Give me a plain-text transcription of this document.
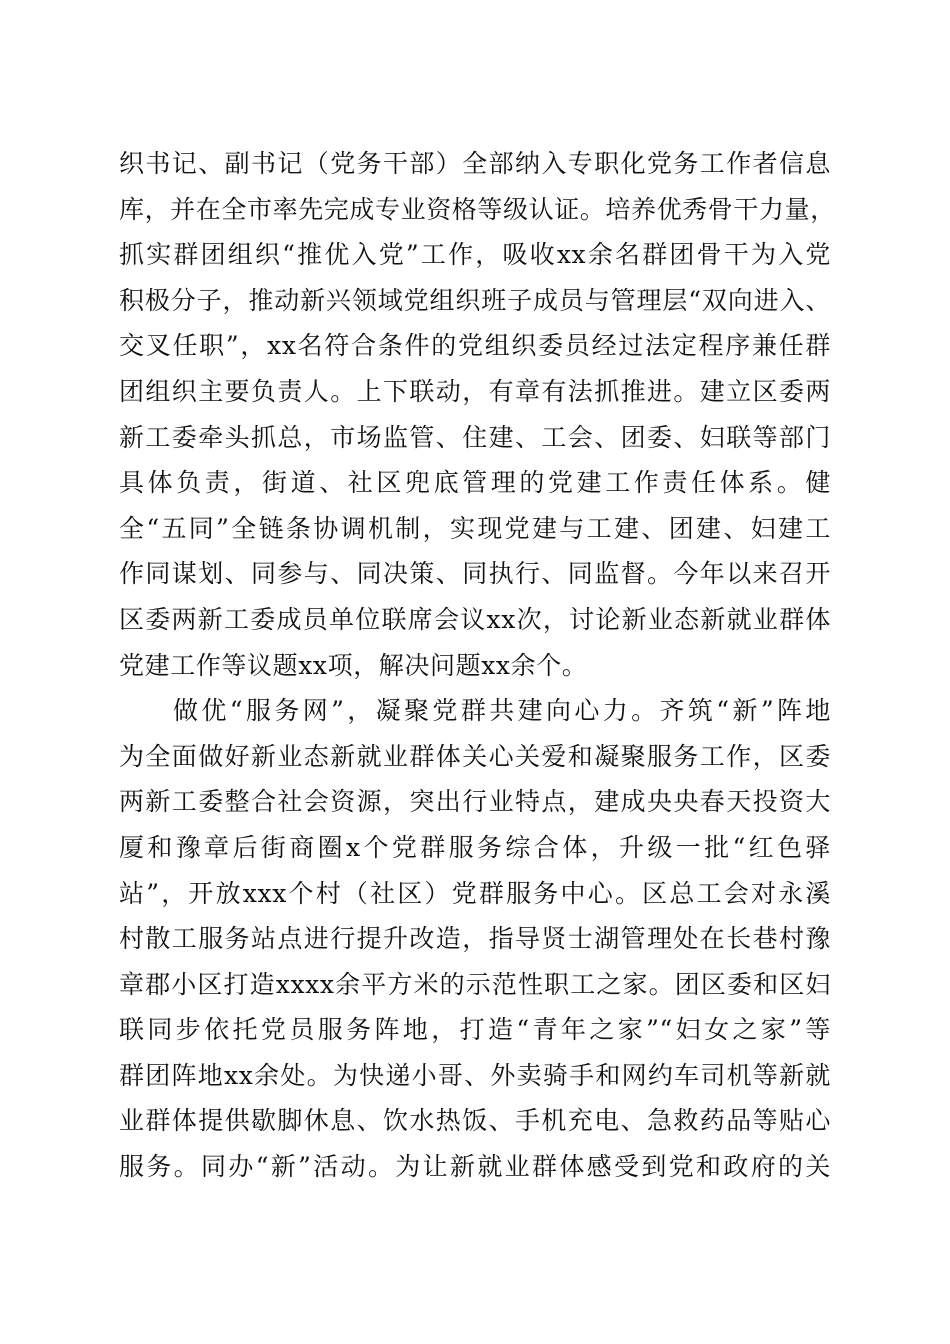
织书记、副书记（党务干部）全部纳入专职化党务工作者信息
库，并在全市率先完成专业资格等级认证。培养优秀骨干力量，
抓实群团组织“推优入党”工作，吸收xx余名群团骨干为入党
积极分子，推动新兴领域党组织班子成员与管理层“双向进入、
交叉任职”，xx名符合条件的党组织委员经过法定程序兼任群
团组织主要负责人。上下联动，有章有法抓推进。建立区委两
新工委牵头抓总，市场监管、住建、工会、团委、妇联等部门
具体负责，街道、社区兜底管理的党建工作责任体系。健
全“五同”全链条协调机制，实现党建与工建、团建、妇建工
作同谋划、同参与、同决策、同执行、同监督。今年以来召开
区委两新工委成员单位联席会议xx次，讨论新业态新就业群体
党建工作等议题xx项，解决问题xx余个。
做优“服务网”，凝聚党群共建向心力。齐筑“新”阵地
为全面做好新业态新就业群体关心关爱和凝聚服务工作，区委
两新工委整合社会资源，突出行业特点，建成央央春天投资大
厦和豫章后街商圈x个党群服务综合体，升级一批“红色驿
站”，开放xxx个村（社区）党群服务中心。区总工会对永溪
村散工服务站点进行提升改造，指导贤士湖管理处在长巷村豫
章郡小区打造xxxx余平方米的示范性职工之家。团区委和区妇
联同步依托党员服务阵地，打造“青年之家”“妇女之家”等
群团阵地xx余处。为快递小哥、外卖骑手和网约车司机等新就
业群体提供歇脚休息、饮水热饭、手机充电、急救药品等贴心
服务。同办“新”活动。为让新就业群体感受到党和政府的关
